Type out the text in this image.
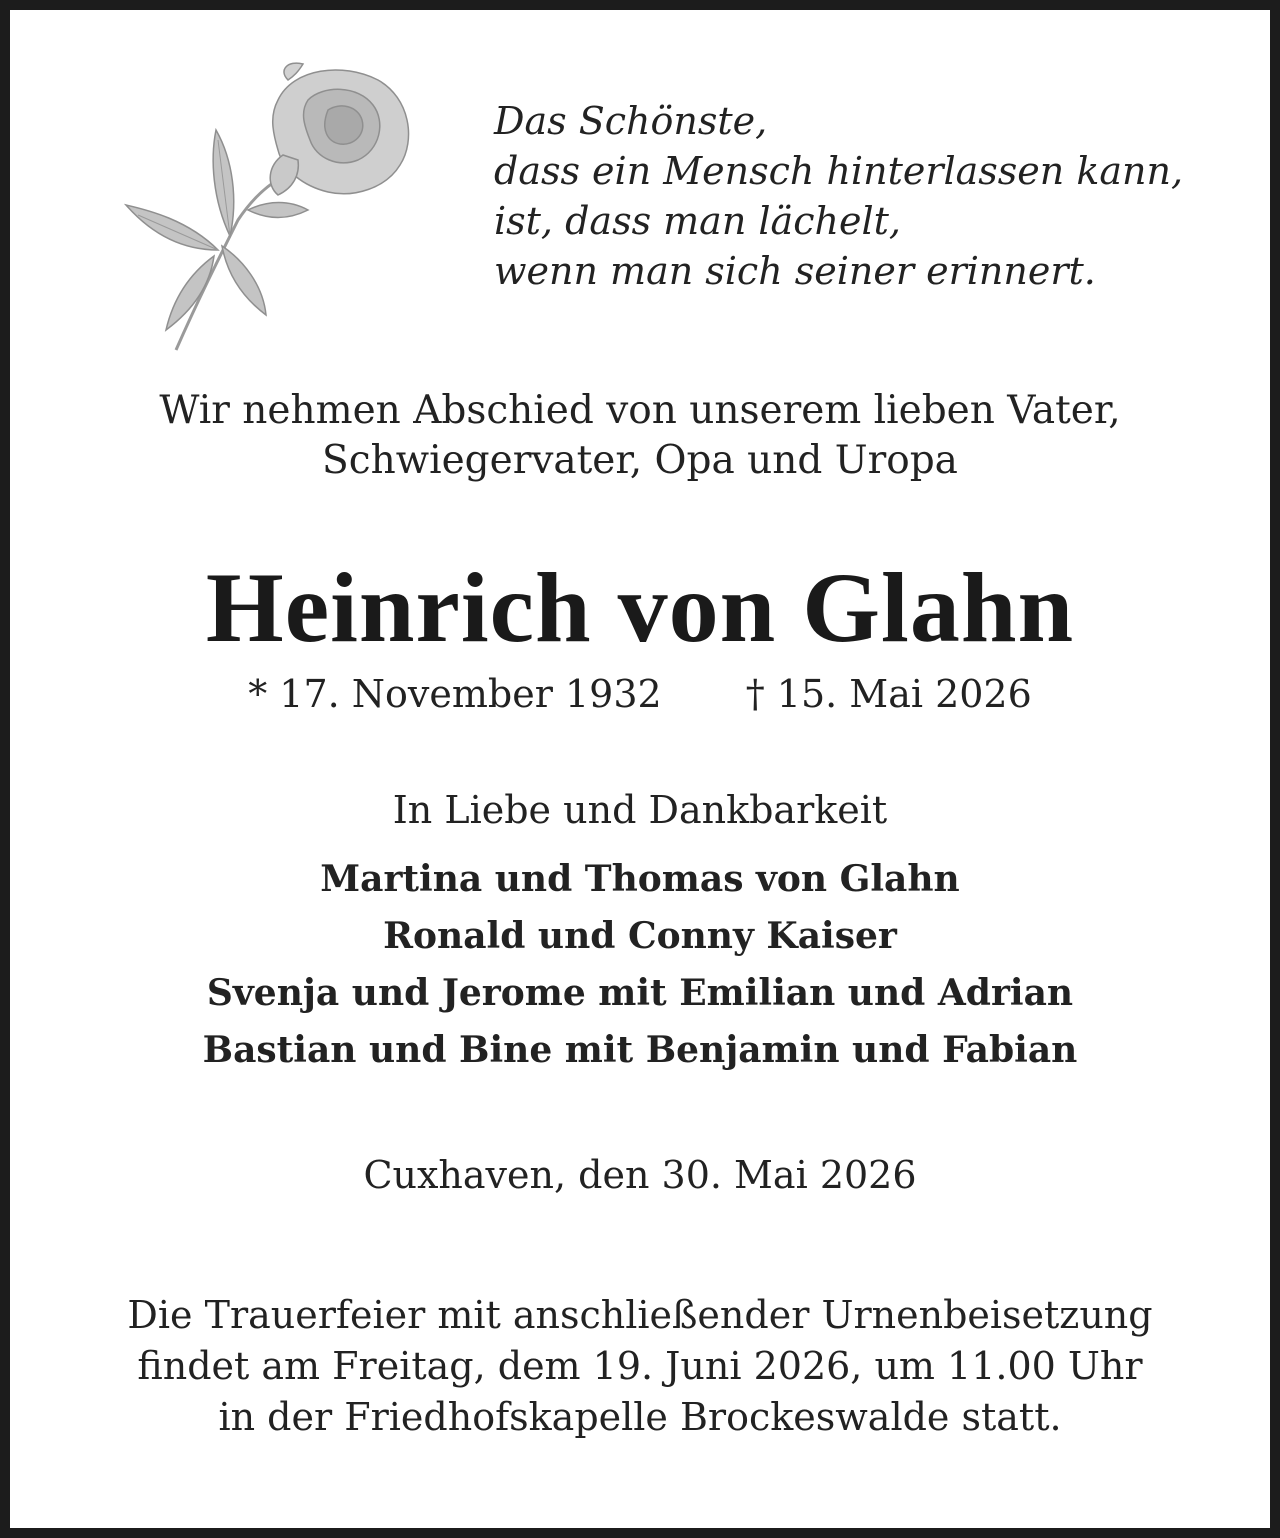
Das Schönste,
dass ein Mensch hinterlassen kann,
ist, dass man lächelt,
wenn man sich seiner erinnert.
Wir nehmen Abschied von unserem lieben Vater,
Schwiegervater, Opa und Uropa
Heinrich von Glahn
* 17. November 1932 † 15. Mai 2026
In Liebe und Dankbarkeit
Martina und Thomas von Glahn
Ronald und Conny Kaiser
Svenja und Jerome mit Emilian und Adrian
Bastian und Bine mit Benjamin und Fabian
Cuxhaven, den 30. Mai 2026
Die Trauerfeier mit anschließender Urnenbeisetzung
findet am Freitag, dem 19. Juni 2026, um 11.00 Uhr
in der Friedhofskapelle Brockeswalde statt.
